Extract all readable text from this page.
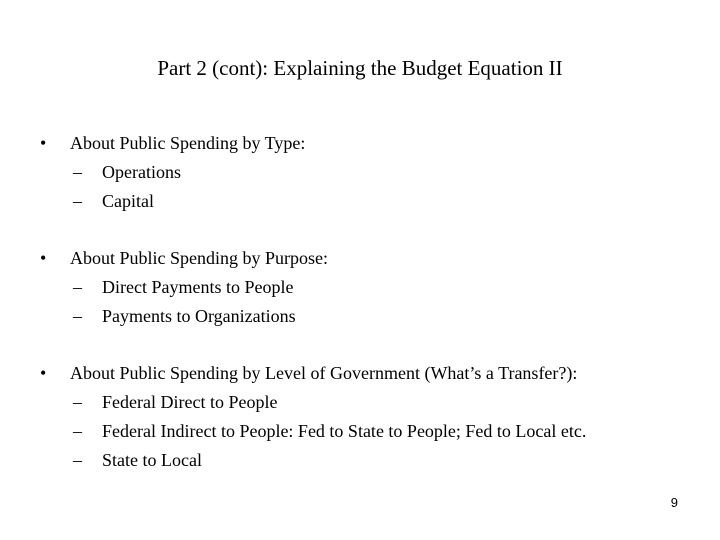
Part 2 (cont): Explaining the Budget Equation II
•	About Public Spending by Type:
– Operations
– Capital
•	About Public Spending by Purpose:
– Direct Payments to People
– Payments to Organizations
•	About Public Spending by Level of Government (What’s a Transfer?):
– Federal Direct to People
– Federal Indirect to People: Fed to State to People; Fed to Local etc.
– State to Local
9
